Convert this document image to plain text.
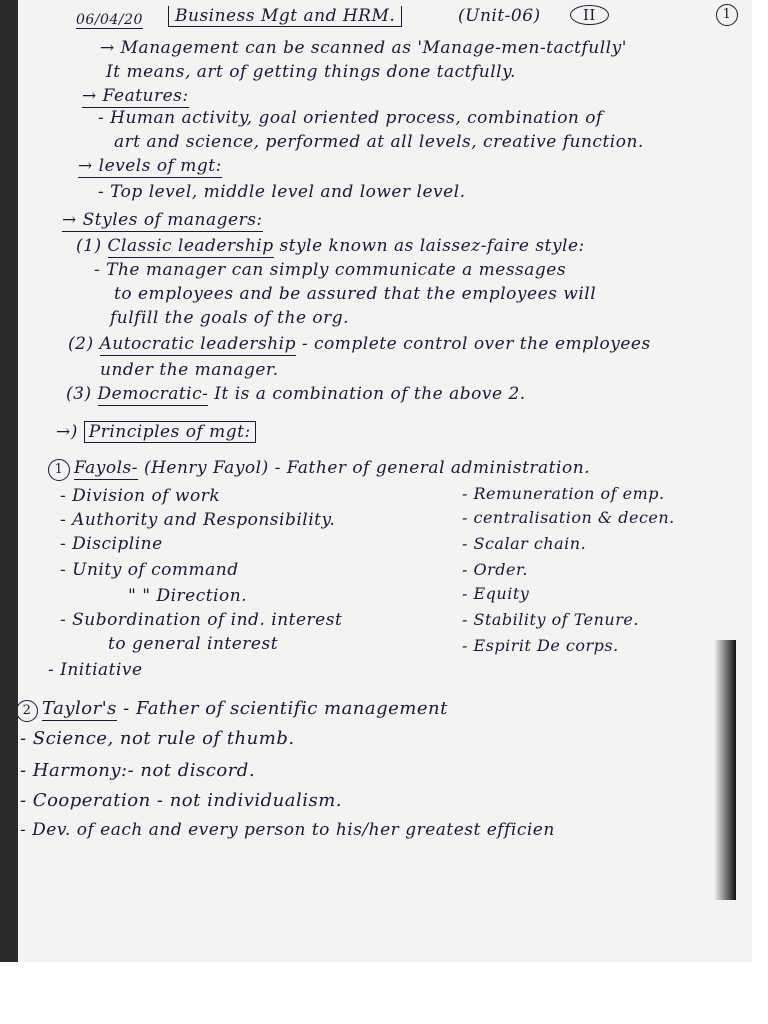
06/04/20	Business Mgt and HRM.	(Unit-06)	II	1
→ Management can be scanned as 'Manage-men-tactfully'
It means, art of getting things done tactfully.
→ Features:
- Human activity, goal oriented process, combination of
art and science, performed at all levels, creative function.
→ levels of mgt:
- Top level, middle level and lower level.
→ Styles of managers:
(1) Classic leadership style known as laissez-faire style:
- The manager can simply communicate a messages
to employees and be assured that the employees will
fulfill the goals of the org.
(2) Autocratic leadership - complete control over the employees
under the manager.
(3) Democratic- It is a combination of the above 2.
→) Principles of mgt:
1 Fayols- (Henry Fayol) - Father of general administration.
- Division of work
- Authority and Responsibility.
- Discipline
- Unity of command
" " Direction.
- Subordination of ind. interest
to general interest
- Initiative
- Remuneration of emp.
- centralisation & decen.
- Scalar chain.
- Order.
- Equity
- Stability of Tenure.
- Espirit De corps.
2 Taylor's - Father of scientific management
- Science, not rule of thumb.
- Harmony:- not discord.
- Cooperation - not individualism.
- Dev. of each and every person to his/her greatest efficien
